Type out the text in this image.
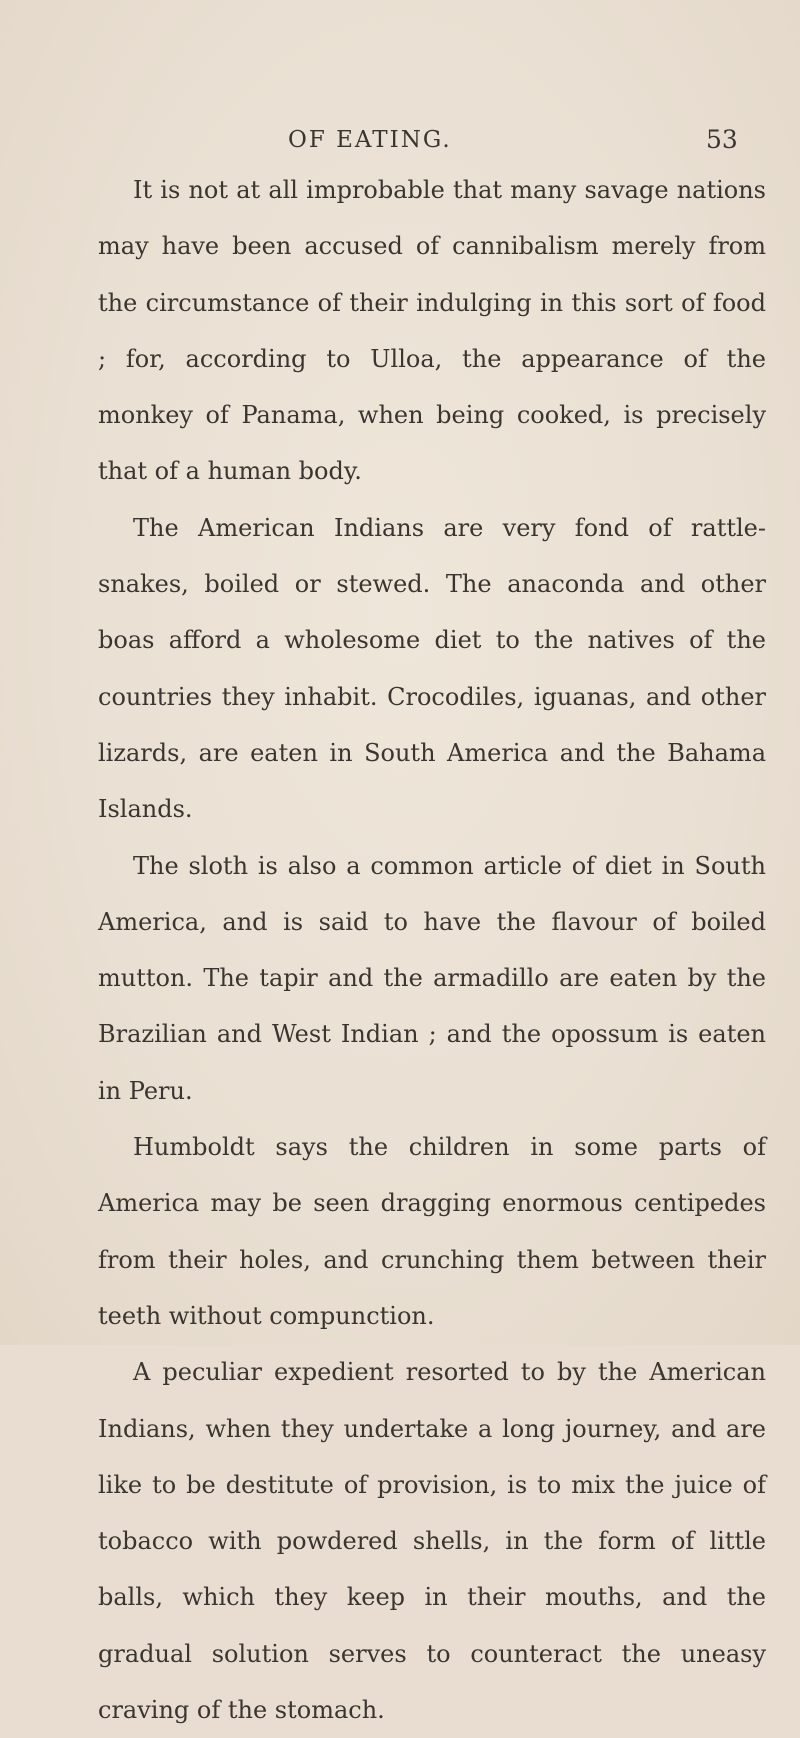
OF EATING.	53

It is not at all improbable that many savage nations may have been accused of cannibalism merely from the circumstance of their indulging in this sort of food ; for, according to Ulloa, the appearance of the monkey of Panama, when being cooked, is precisely that of a human body.

The American Indians are very fond of rattle-snakes, boiled or stewed. The anaconda and other boas afford a wholesome diet to the natives of the countries they inhabit. Crocodiles, iguanas, and other lizards, are eaten in South America and the Bahama Islands.

The sloth is also a common article of diet in South America, and is said to have the flavour of boiled mutton. The tapir and the armadillo are eaten by the Brazilian and West Indian ; and the opossum is eaten in Peru.

Humboldt says the children in some parts of America may be seen dragging enormous centipedes from their holes, and crunching them between their teeth without compunction.

A peculiar expedient resorted to by the American Indians, when they undertake a long journey, and are like to be destitute of provision, is to mix the juice of tobacco with powdered shells, in the form of little balls, which they keep in their mouths, and the gradual solution serves to counteract the uneasy craving of the stomach.
